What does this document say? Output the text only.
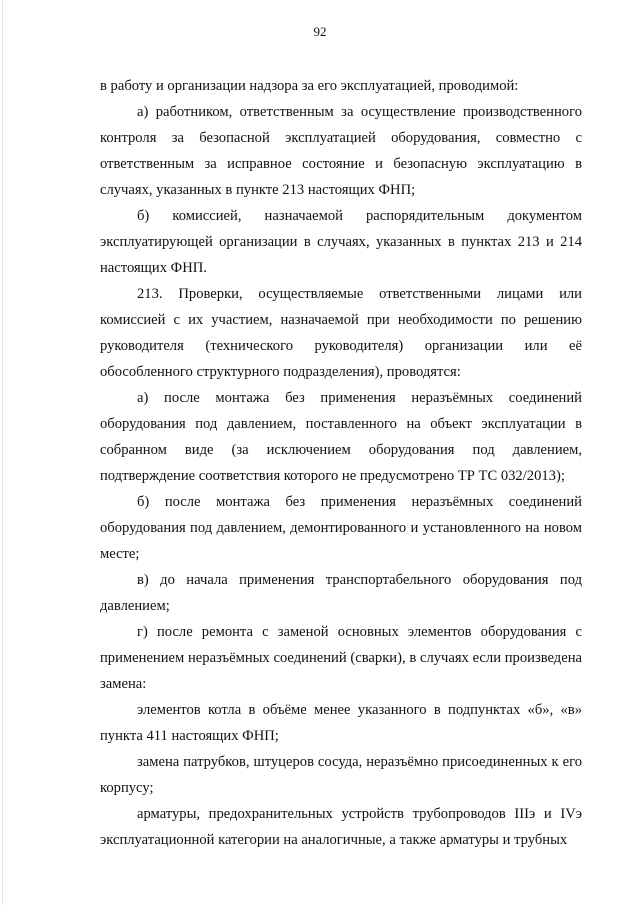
92

в работу и организации надзора за его эксплуатацией, проводимой:

а) работником, ответственным за осуществление производственного контроля за безопасной эксплуатацией оборудования, совместно с ответственным за исправное состояние и безопасную эксплуатацию в случаях, указанных в пункте 213 настоящих ФНП;

б) комиссией, назначаемой распорядительным документом эксплуатирующей организации в случаях, указанных в пунктах 213 и 214 настоящих ФНП.

213. Проверки, осуществляемые ответственными лицами или комиссией с их участием, назначаемой при необходимости по решению руководителя (технического руководителя) организации или её обособленного структурного подразделения), проводятся:

а) после монтажа без применения неразъёмных соединений оборудования под давлением, поставленного на объект эксплуатации в собранном виде (за исключением оборудования под давлением, подтверждение соответствия которого не предусмотрено ТР ТС 032/2013);

б) после монтажа без применения неразъёмных соединений оборудования под давлением, демонтированного и установленного на новом месте;

в) до начала применения транспортабельного оборудования под давлением;

г) после ремонта с заменой основных элементов оборудования с применением неразъёмных соединений (сварки), в случаях если произведена замена:

элементов котла в объёме менее указанного в подпунктах «б», «в» пункта 411 настоящих ФНП;

замена патрубков, штуцеров сосуда, неразъёмно присоединенных к его корпусу;

арматуры, предохранительных устройств трубопроводов IIIэ и IVэ эксплуатационной категории на аналогичные, а также арматуры и трубных
